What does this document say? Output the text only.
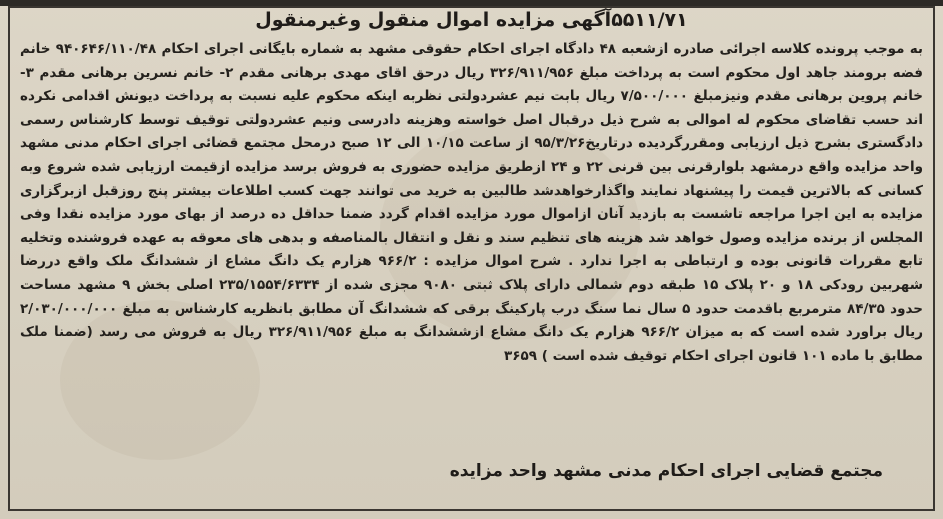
۵۵۱۱/۷۱آگهی مزایده اموال منقول وغیرمنقول

به موجب پرونده کلاسه اجرائی صادره ازشعبه ۴۸ دادگاه اجرای احکام حقوقی مشهد به شماره بایگانی اجرای احکام ۹۴۰۶۴۶/۱۱۰/۴۸ خانم فضه برومند جاهد اول محکوم است به پرداخت مبلغ ۳۲۶/۹۱۱/۹۵۶ ریال درحق اقای مهدی برهانی مقدم ۲- خانم نسرین برهانی مقدم ۳- خانم پروین برهانی مقدم ونیزمبلغ ۷/۵۰۰/۰۰۰ ریال بابت نیم عشردولتی نظربه اینکه محکوم علیه نسبت به پرداخت دیونش اقدامی نکرده اند حسب تقاضای محکوم له اموالی به شرح ذیل درقبال اصل خواسته وهزینه دادرسی ونیم عشردولتی توقیف توسط کارشناس رسمی دادگستری بشرح ذیل ارزیابی ومقررگردیده درتاریخ۹۵/۳/۲۶ از ساعت ۱۰/۱۵ الی ۱۲ صبح درمحل مجتمع قضائی اجرای احکام مدنی مشهد واحد مزایده واقع درمشهد بلوارقرنی بین قرنی ۲۲ و ۲۴ ازطریق مزایده حضوری به فروش برسد مزایده ازقیمت ارزیابی شده شروع وبه کسانی که بالاترین قیمت را پیشنهاد نمایند واگذارخواهدشد طالبین به خرید می توانند جهت کسب اطلاعات بیشتر پنج روزقبل ازبرگزاری مزایده به این اجرا مراجعه تاشست به بازدید آنان ازاموال مورد مزایده اقدام گردد ضمنا حداقل ده درصد از بهای مورد مزایده نقدا وفی المجلس از برنده مزایده وصول خواهد شد هزینه های تنظیم سند و نقل و انتقال بالمناصفه و بدهی های معوقه به عهده فروشنده وتخلیه تابع مقررات قانونی بوده و ارتباطی به اجرا ندارد . شرح اموال مزایده : ۹۶۶/۲ هزارم یک دانگ مشاع از ششدانگ ملک واقع دررضا شهربین رودکی ۱۸ و ۲۰ پلاک ۱۵ طبقه دوم شمالی دارای پلاک ثبتی ۹۰۸۰ مجزی شده از ۲۳۵/۱۵۵۴/۶۳۳۴ اصلی بخش ۹ مشهد مساحت حدود ۸۴/۳۵ مترمربع باقدمت حدود ۵ سال نما سنگ درب پارکینگ برقی که ششدانگ آن مطابق بانظریه کارشناس به مبلغ ۲/۰۳۰/۰۰۰/۰۰۰ ریال براورد شده است که به میزان ۹۶۶/۲ هزارم یک دانگ مشاع ازششدانگ به مبلغ ۳۲۶/۹۱۱/۹۵۶ ریال به فروش می رسد (ضمنا ملک مطابق با ماده ۱۰۱ قانون اجرای احکام توقیف شده است ) ۳۶۵۹

مجتمع قضایی اجرای احکام مدنی مشهد واحد مزایده
